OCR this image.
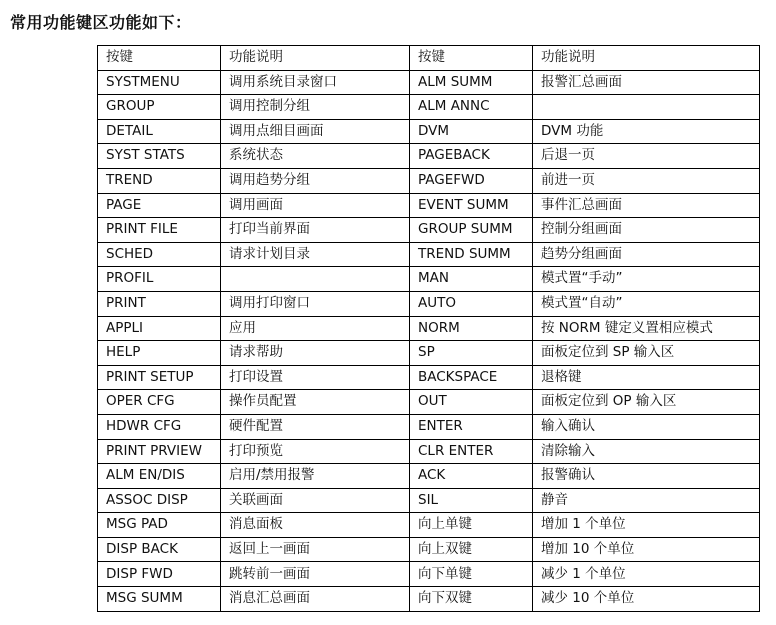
常用功能键区功能如下：
按键	功能说明	按键	功能说明
SYSTMENU	调用系统目录窗口	ALM SUMM	报警汇总画面
GROUP	调用控制分组	ALM ANNC	
DETAIL	调用点细目画面	DVM	DVM 功能
SYST STATS	系统状态	PAGEBACK	后退一页
TREND	调用趋势分组	PAGEFWD	前进一页
PAGE	调用画面	EVENT SUMM	事件汇总画面
PRINT FILE	打印当前界面	GROUP SUMM	控制分组画面
SCHED	请求计划目录	TREND SUMM	趋势分组画面
PROFIL		MAN	模式置“手动”
PRINT	调用打印窗口	AUTO	模式置“自动”
APPLI	应用	NORM	按 NORM 键定义置相应模式
HELP	请求帮助	SP	面板定位到 SP 输入区
PRINT SETUP	打印设置	BACKSPACE	退格键
OPER CFG	操作员配置	OUT	面板定位到 OP 输入区
HDWR CFG	硬件配置	ENTER	输入确认
PRINT PRVIEW	打印预览	CLR ENTER	清除输入
ALM EN/DIS	启用/禁用报警	ACK	报警确认
ASSOC DISP	关联画面	SIL	静音
MSG PAD	消息面板	向上单键	增加 1 个单位
DISP BACK	返回上一画面	向上双键	增加 10 个单位
DISP FWD	跳转前一画面	向下单键	减少 1 个单位
MSG SUMM	消息汇总画面	向下双键	减少 10 个单位
